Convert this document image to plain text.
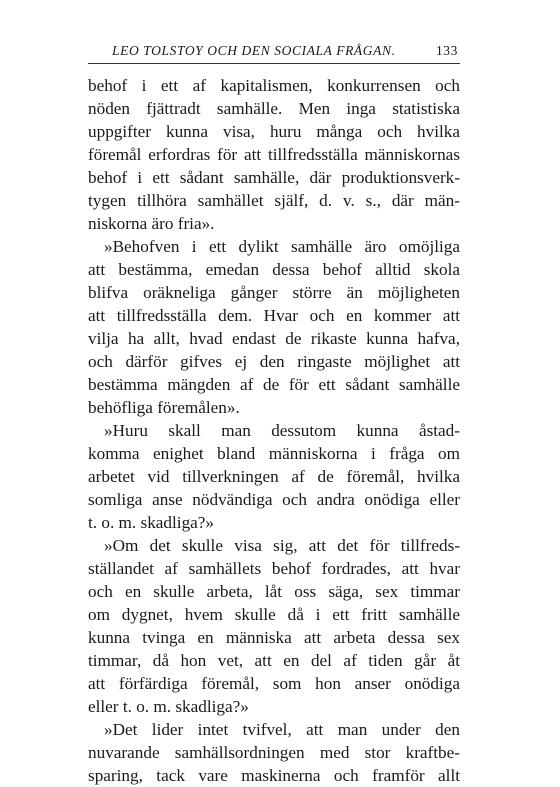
LEO TOLSTOY OCH DEN SOCIALA FRÅGAN.	133
behof i ett af kapitalismen, konkurrensen och
nöden fjättradt samhälle. Men inga statistiska
uppgifter kunna visa, huru många och hvilka
föremål erfordras för att tillfredsställa människornas
behof i ett sådant samhälle, där produktionsverk-
tygen tillhöra samhället själf, d. v. s., där män-
niskorna äro fria».
»Behofven i ett dylikt samhälle äro omöjliga
att bestämma, emedan dessa behof alltid skola
blifva oräkneliga gånger större än möjligheten
att tillfredsställa dem. Hvar och en kommer att
vilja ha allt, hvad endast de rikaste kunna hafva,
och därför gifves ej den ringaste möjlighet att
bestämma mängden af de för ett sådant samhälle
behöfliga föremålen».
»Huru skall man dessutom kunna åstad-
komma enighet bland människorna i fråga om
arbetet vid tillverkningen af de föremål, hvilka
somliga anse nödvändiga och andra onödiga eller
t. o. m. skadliga?»
»Om det skulle visa sig, att det för tillfreds-
ställandet af samhällets behof fordrades, att hvar
och en skulle arbeta, låt oss säga, sex timmar
om dygnet, hvem skulle då i ett fritt samhälle
kunna tvinga en människa att arbeta dessa sex
timmar, då hon vet, att en del af tiden går åt
att förfärdiga föremål, som hon anser onödiga
eller t. o. m. skadliga?»
»Det lider intet tvifvel, att man under den
nuvarande samhällsordningen med stor kraftbe-
sparing, tack vare maskinerna och framför allt
